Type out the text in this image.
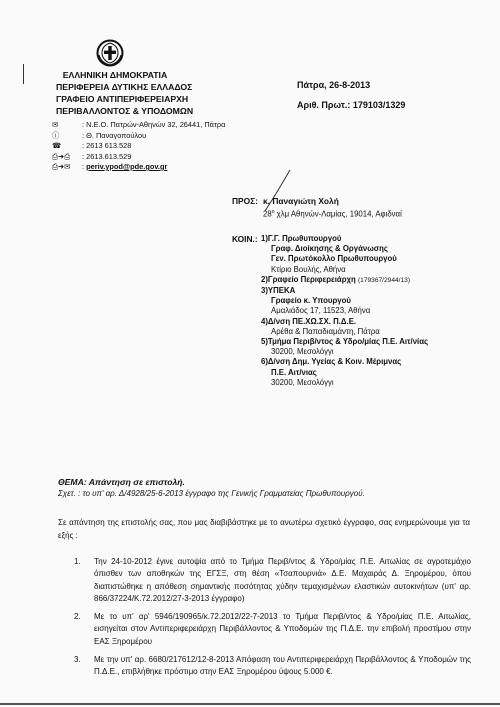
ΕΛΛΗΝΙΚΗ ΔΗΜΟΚΡΑΤΙΑ
ΠΕΡΙΦΕΡΕΙΑ ΔΥΤΙΚΗΣ ΕΛΛΑΔΟΣ
ΓΡΑΦΕΙΟ ΑΝΤΙΠΕΡΙΦΕΡΕΙΑΡΧΗ
ΠΕΡΙΒΑΛΛΟΝΤΟΣ & ΥΠΟΔΟΜΩΝ
Πάτρα, 26-8-2013
Αριθ. Πρωτ.: 179103/1329
✉	: Ν.Ε.Ο. Πατρών-Αθηνών 32, 26441, Πάτρα
ⓘ	: Θ. Παναγοπούλου
☎	: 2613 613.528
⎙➜⎙ : 2613.613.529
⎙➜✉ : periv.ypod@pde.gov.gr
ΠΡΟΣ: κ. Παναγιώτη Χολή
$28^o$ χλμ Αθηνών-Λαμίας, 19014, Αφιδναί
ΚΟΙΝ.: 1)Γ.Γ. Πρωθυπουργού
Γραφ. Διοίκησης & Οργάνωσης
Γεν. Πρωτόκολλο Πρωθυπουργού
Κτίριο Βουλής, Αθήνα
2)Γραφείο Περιφερειάρχη (179367/2944/13)
3)ΥΠΕΚΑ
Γραφείο κ. Υπουργού
Αμαλιάδος 17, 11523, Αθήνα
4)Δ/νση ΠΕ.ΧΩ.ΣΧ. Π.Δ.Ε.
Αρέθα & Παπαδιαμάντη, Πάτρα
5)Τμήμα Περιβ/ντος & Υδρο/μίας Π.Ε. Αιτ/νίας
30200, Μεσολόγγι
6)Δ/νση Δημ. Υγείας & Κοιν. Μέριμνας
Π.Ε. Αιτ/νιας
30200, Μεσολόγγι
ΘΕΜΑ: Απάντηση σε επιστολή.
Σχετ. : το υπ' αρ. Δ/4928/25-6-2013 έγγραφο της Γενικής Γραμματείας Πρωθυπουργού.
Σε απάντηση της επιστολής σας, που μας διαβιβάστηκε με το ανωτέρω σχετικό έγγραφο, σας ενημερώνουμε για τα εξής :
1. Την 24-10-2012 έγινε αυτοψία από το Τμήμα Περιβ/ντος & Υδρο/μίας Π.Ε. Αιτωλίας σε αγροτεμάχιο όπισθεν των αποθηκών της ΕΓΣΞ, στη θέση «Τσαπουρνιά» Δ.Ε. Μαχαιράς Δ. Ξηρομέρου, όπου διαπιστώθηκε η απόθεση σημαντικής ποσότητας χύδην τεμαχισμένων ελαστικών αυτοκινήτων (υπ' αρ. 866/37224/Κ.72.2012/27-3-2013 έγγραφο)
2. Με το υπ' αρ' 5946/190965/κ.72.2012/22-7-2013 το Τμήμα Περιβ/ντος & Υδρο/μίας Π.Ε. Αιτωλίας, εισηγείται στον Αντιπεριφερειάρχη Περιβάλλοντος & Υποδομών της Π.Δ.Ε. την επιβολή προστίμου στην ΕΑΣ Ξηρομέρου
3. Με την υπ' αρ. 6680/217612/12-8-2013 Απόφαση του Αντιπεριφερειάρχη Περιβάλλοντος & Υποδομών της Π.Δ.Ε., επιβλήθηκε πρόστιμο στην ΕΑΣ Ξηρομέρου ύψους 5.000 €.
